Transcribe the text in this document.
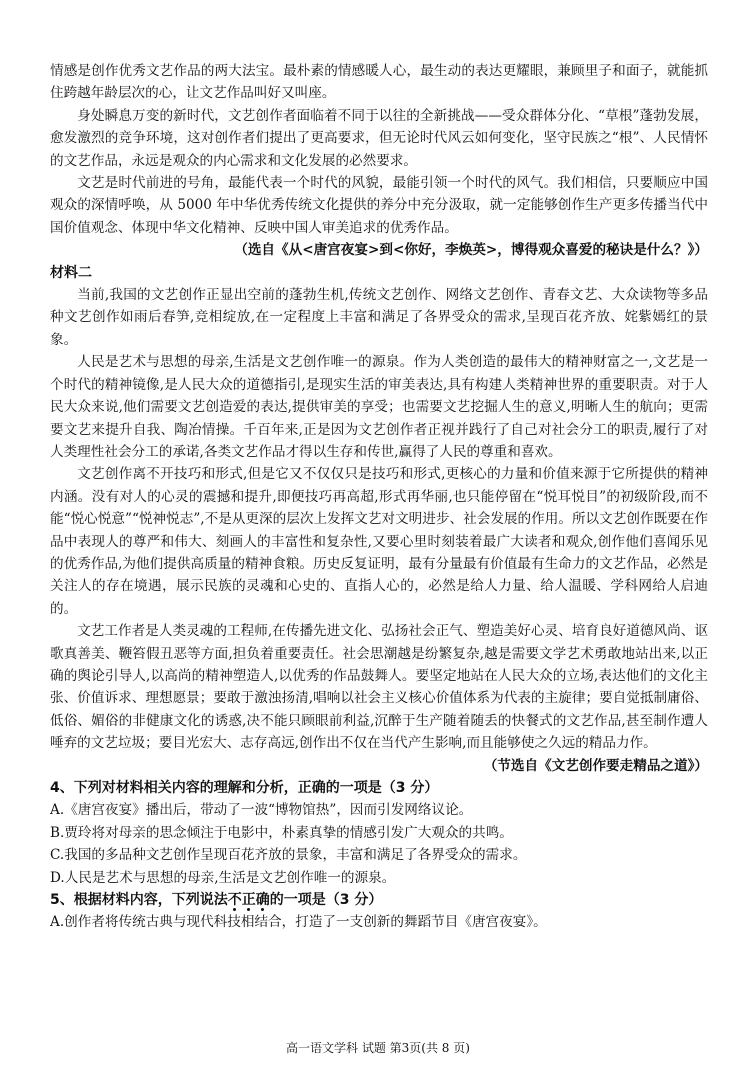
情感是创作优秀文艺作品的两大法宝。最朴素的情感暖人心，最生动的表达更耀眼，兼顾里子和面子，就能抓住跨越年龄层次的心，让文艺作品叫好又叫座。

身处瞬息万变的新时代，文艺创作者面临着不同于以往的全新挑战——受众群体分化、“草根”蓬勃发展，愈发激烈的竞争环境，这对创作者们提出了更高要求，但无论时代风云如何变化，坚守民族之“根”、人民情怀的文艺作品，永远是观众的内心需求和文化发展的必然要求。

文艺是时代前进的号角，最能代表一个时代的风貌，最能引领一个时代的风气。我们相信，只要顺应中国观众的深情呼唤，从 5000 年中华优秀传统文化提供的养分中充分汲取，就一定能够创作生产更多传播当代中国价值观念、体现中华文化精神、反映中国人审美追求的优秀作品。

（选自《从<唐宫夜宴>到<你好，李焕英>，博得观众喜爱的秘诀是什么？》）

材料二

当前,我国的文艺创作正显出空前的蓬勃生机,传统文艺创作、网络文艺创作、青春文艺、大众读物等多品种文艺创作如雨后春笋,竞相绽放,在一定程度上丰富和满足了各界受众的需求,呈现百花齐放、姹紫嫣红的景象。

人民是艺术与思想的母亲,生活是文艺创作唯一的源泉。作为人类创造的最伟大的精神财富之一,文艺是一个时代的精神镜像,是人民大众的道德指引,是现实生活的审美表达,具有构建人类精神世界的重要职责。对于人民大众来说,他们需要文艺创造爱的表达,提供审美的享受；也需要文艺挖掘人生的意义,明晰人生的航向；更需要文艺来提升自我、陶冶情操。千百年来,正是因为文艺创作者正视并践行了自己对社会分工的职责,履行了对人类理性社会分工的承诺,各类文艺作品才得以生存和传世,赢得了人民的尊重和喜欢。

文艺创作离不开技巧和形式,但是它又不仅仅只是技巧和形式,更核心的力量和价值来源于它所提供的精神内涵。没有对人的心灵的震撼和提升,即便技巧再高超,形式再华丽,也只能停留在“悦耳悦目”的初级阶段,而不能“悦心悦意”“悦神悦志”,不是从更深的层次上发挥文艺对文明进步、社会发展的作用。所以文艺创作既要在作品中表现人的尊严和伟大、刻画人的丰富性和复杂性,又要心里时刻装着最广大读者和观众,创作他们喜闻乐见的优秀作品,为他们提供高质量的精神食粮。历史反复证明，最有分量最有价值最有生命力的文艺作品，必然是关注人的存在境遇，展示民族的灵魂和心史的、直指人心的，必然是给人力量、给人温暖、学科网给人启迪的。

文艺工作者是人类灵魂的工程师,在传播先进文化、弘扬社会正气、塑造美好心灵、培育良好道德风尚、讴歌真善美、鞭笞假丑恶等方面,担负着重要责任。社会思潮越是纷繁复杂,越是需要文学艺术勇敢地站出来,以正确的舆论引导人,以高尚的精神塑造人,以优秀的作品鼓舞人。要坚定地站在人民大众的立场,表达他们的文化主张、价值诉求、理想愿景；要敢于激浊扬清,唱响以社会主义核心价值体系为代表的主旋律；要自觉抵制庸俗、低俗、媚俗的非健康文化的诱惑,决不能只顾眼前利益,沉醉于生产随着随丢的快餐式的文艺作品,甚至制作遭人唾弃的文艺垃圾；要目光宏大、志存高远,创作出不仅在当代产生影响,而且能够使之久远的精品力作。

（节选自《文艺创作要走精品之道》）

4、下列对材料相关内容的理解和分析，正确的一项是（3 分）

A.《唐宫夜宴》播出后，带动了一波“博物馆热”，因而引发网络议论。

B.贾玲将对母亲的思念倾注于电影中，朴素真挚的情感引发广大观众的共鸣。

C.我国的多品种文艺创作呈现百花齐放的景象，丰富和满足了各界受众的需求。

D.人民是艺术与思想的母亲,生活是文艺创作唯一的源泉。

5、根据材料内容，下列说法不正确的一项是（3 分）

A.创作者将传统古典与现代科技相结合，打造了一支创新的舞蹈节目《唐宫夜宴》。

高一语文学科 试题 第3页(共 8 页)
